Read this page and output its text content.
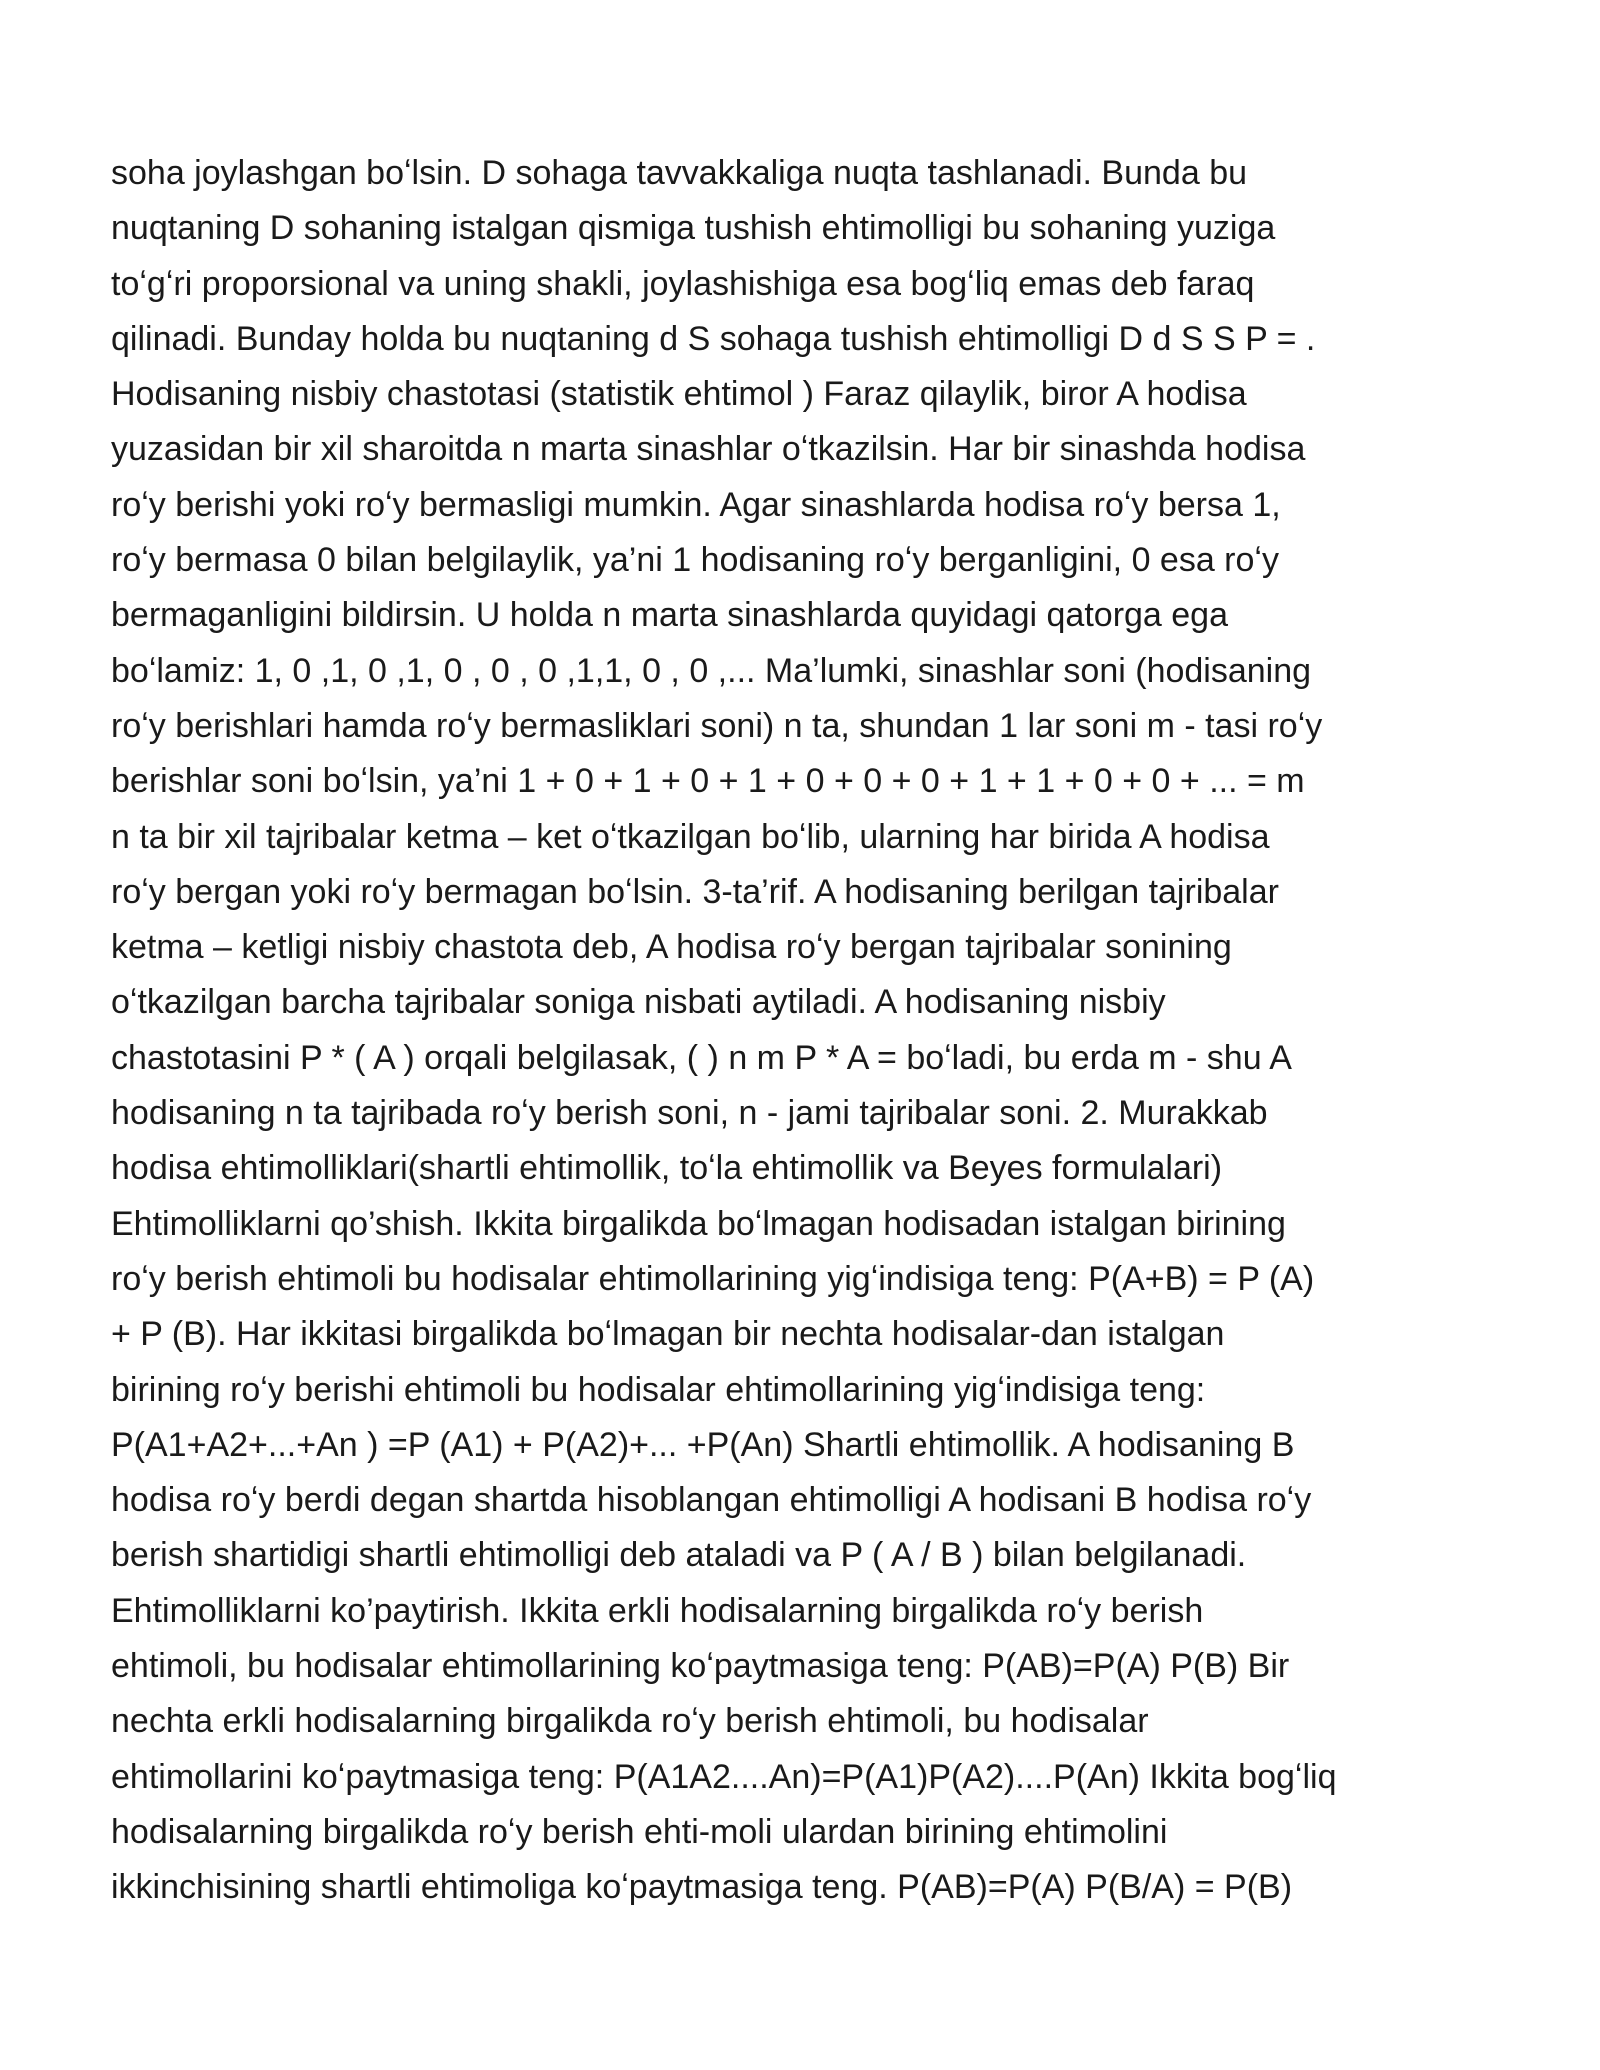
soha joylashgan boʻlsin. D sohaga tavvakkaliga nuqta tashlanadi. Bunda bu
nuqtaning D sohaning istalgan qismiga tushish ehtimolligi bu sohaning yuziga
toʻgʻri proporsional va uning shakli, joylashishiga esa bogʻliq emas deb faraq
qilinadi. Bunday holda bu nuqtaning d S sohaga tushish ehtimolligi D d S S P = .
Hodisaning nisbiy chastotasi (statistik ehtimol ) Faraz qilaylik, biror A hodisa
yuzasidan bir xil sharoitda n marta sinashlar oʻtkazilsin. Har bir sinashda hodisa
roʻy berishi yoki roʻy bermasligi mumkin. Agar sinashlarda hodisa roʻy bersa 1,
roʻy bermasa 0 bilan belgilaylik, ya’ni 1 hodisaning roʻy berganligini, 0 esa roʻy
bermaganligini bildirsin. U holda n marta sinashlarda quyidagi qatorga ega
boʻlamiz: 1, 0 ,1, 0 ,1, 0 , 0 , 0 ,1,1, 0 , 0 ,... Ma’lumki, sinashlar soni (hodisaning
roʻy berishlari hamda roʻy bermasliklari soni) n ta, shundan 1 lar soni m - tasi roʻy
berishlar soni boʻlsin, ya’ni 1 + 0 + 1 + 0 + 1 + 0 + 0 + 0 + 1 + 1 + 0 + 0 + ... = m
n ta bir xil tajribalar ketma – ket oʻtkazilgan boʻlib, ularning har birida A hodisa
roʻy bergan yoki roʻy bermagan boʻlsin. 3-ta’rif. A hodisaning berilgan tajribalar
ketma – ketligi nisbiy chastota deb, A hodisa roʻy bergan tajribalar sonining
oʻtkazilgan barcha tajribalar soniga nisbati aytiladi. A hodisaning nisbiy
chastotasini P * ( A ) orqali belgilasak, ( ) n m P * A = boʻladi, bu erda m - shu A
hodisaning n ta tajribada roʻy berish soni, n - jami tajribalar soni. 2. Murakkab
hodisa ehtimolliklari(shartli ehtimollik, toʻla ehtimollik va Beyes formulalari)
Ehtimolliklarni qo’shish. Ikkita birgalikda boʻlmagan hodisadan istalgan birining
roʻy berish ehtimoli bu hodisalar ehtimollarining yigʻindisiga teng: P(A+B) = P (A)
+ P (B). Har ikkitasi birgalikda boʻlmagan bir nechta hodisalar-dan istalgan
birining roʻy berishi ehtimoli bu hodisalar ehtimollarining yigʻindisiga teng:
P(A1+A2+...+An ) =P (A1) + P(A2)+... +P(An) Shartli ehtimollik. A hodisaning B
hodisa roʻy berdi degan shartda hisoblangan ehtimolligi A hodisani B hodisa roʻy
berish shartidigi shartli ehtimolligi deb ataladi va P ( A / B ) bilan belgilanadi.
Ehtimolliklarni ko’paytirish. Ikkita erkli hodisalarning birgalikda roʻy berish
ehtimoli, bu hodisalar ehtimollarining koʻpaytmasiga teng: P(AB)=P(A) P(B) Bir
nechta erkli hodisalarning birgalikda roʻy berish ehtimoli, bu hodisalar
ehtimollarini koʻpaytmasiga teng: P(A1A2....An)=P(A1)P(A2)....P(An) Ikkita bogʻliq
hodisalarning birgalikda roʻy berish ehti-moli ulardan birining ehtimolini
ikkinchisining shartli ehtimoliga koʻpaytmasiga teng. P(AB)=P(A) P(B/A) = P(B)
